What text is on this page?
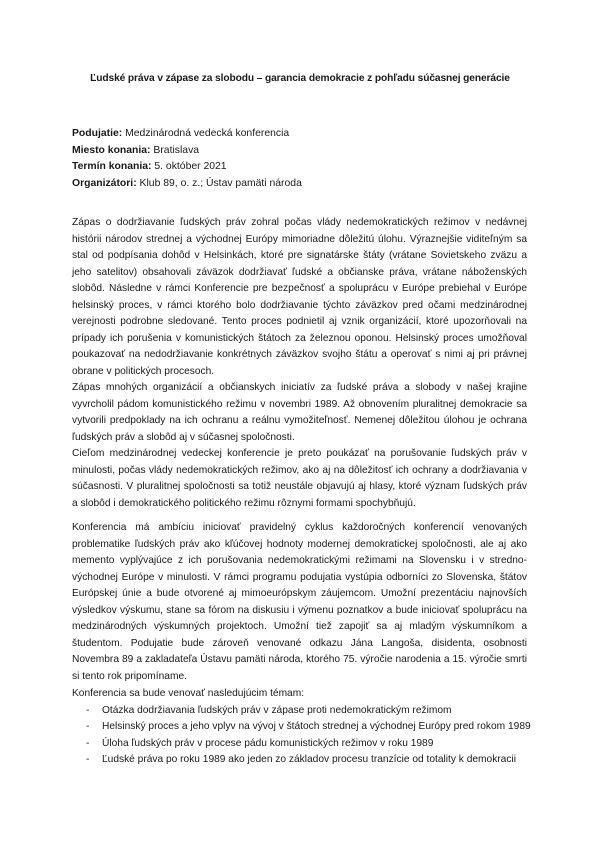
Ľudské práva v zápase za slobodu – garancia demokracie z pohľadu súčasnej generácie
Podujatie: Medzinárodná vedecká konferencia
Miesto konania: Bratislava
Termín konania: 5. október 2021
Organizátori: Klub 89, o. z.; Ústav pamäti národa

Zápas o dodržiavanie ľudských práv zohral počas vlády nedemokratických režimov v nedávnej histórii národov strednej a východnej Európy mimoriadne dôležitú úlohu. Výraznejšie viditeľným sa stal od podpísania dohôd v Helsinkách, ktoré pre signatárske štáty (vrátane Sovietskeho zväzu a jeho satelitov) obsahovali záväzok dodržiavať ľudské a občianske práva, vrátane náboženských slobôd. Následne v rámci Konferencie pre bezpečnosť a spoluprácu v Európe prebiehal v Európe helsinský proces, v rámci ktorého bolo dodržiavanie týchto záväzkov pred očami medzinárodnej verejnosti podrobne sledované. Tento proces podnietil aj vznik organizácií, ktoré upozorňovali na prípady ich porušenia v komunistických štátoch za železnou oponou. Helsinský proces umožňoval poukazovať na nedodržiavanie konkrétnych záväzkov svojho štátu a operovať s nimi aj pri právnej obrane v politických procesoch.

Zápas mnohých organizácií a občianskych iniciatív za ľudské práva a slobody v našej krajine vyvrcholil pádom komunistického režimu v novembri 1989. Až obnovením pluralitnej demokracie sa vytvorili predpoklady na ich ochranu a reálnu vymožiteľnosť. Nemenej dôležitou úlohou je ochrana ľudských práv a slobôd aj v súčasnej spoločnosti.

Cieľom medzinárodnej vedeckej konferencie je preto poukázať na porušovanie ľudských práv v minulosti, počas vlády nedemokratických režimov, ako aj na dôležitosť ich ochrany a dodržiavania v súčasnosti. V pluralitnej spoločnosti sa totiž neustále objavujú aj hlasy, ktoré význam ľudských práv a slobôd i demokratického politického režimu rôznymi formami spochybňujú.

Konferencia má ambíciu iniciovať pravidelný cyklus každoročných konferencií venovaných problematike ľudských práv ako kľúčovej hodnoty modernej demokratickej spoločnosti, ale aj ako memento vyplývajúce z ich porušovania nedemokratickými režimami na Slovensku i v stredno-východnej Európe v minulosti. V rámci programu podujatia vystúpia odborníci zo Slovenska, štátov Európskej únie a bude otvorené aj mimoeurópskym záujemcom. Umožní prezentáciu najnovších výsledkov výskumu, stane sa fórom na diskusiu i výmenu poznatkov a bude iniciovať spoluprácu na medzinárodných výskumných projektoch. Umožní tiež zapojiť sa aj mladým výskumníkom a študentom. Podujatie bude zároveň venované odkazu Jána Langoša, disidenta, osobnosti Novembra 89 a zakladateľa Ústavu pamäti národa, ktorého 75. výročie narodenia a 15. výročie smrti si tento rok pripomíname.

Konferencia sa bude venovať nasledujúcim témam:

- Otázka dodržiavania ľudských práv v zápase proti nedemokratickým režimom
- Helsinský proces a jeho vplyv na vývoj v štátoch strednej a východnej Európy pred rokom 1989
- Úloha ľudských práv v procese pádu komunistických režimov v roku 1989
- Ľudské práva po roku 1989 ako jeden zo základov procesu tranzície od totality k demokracii
